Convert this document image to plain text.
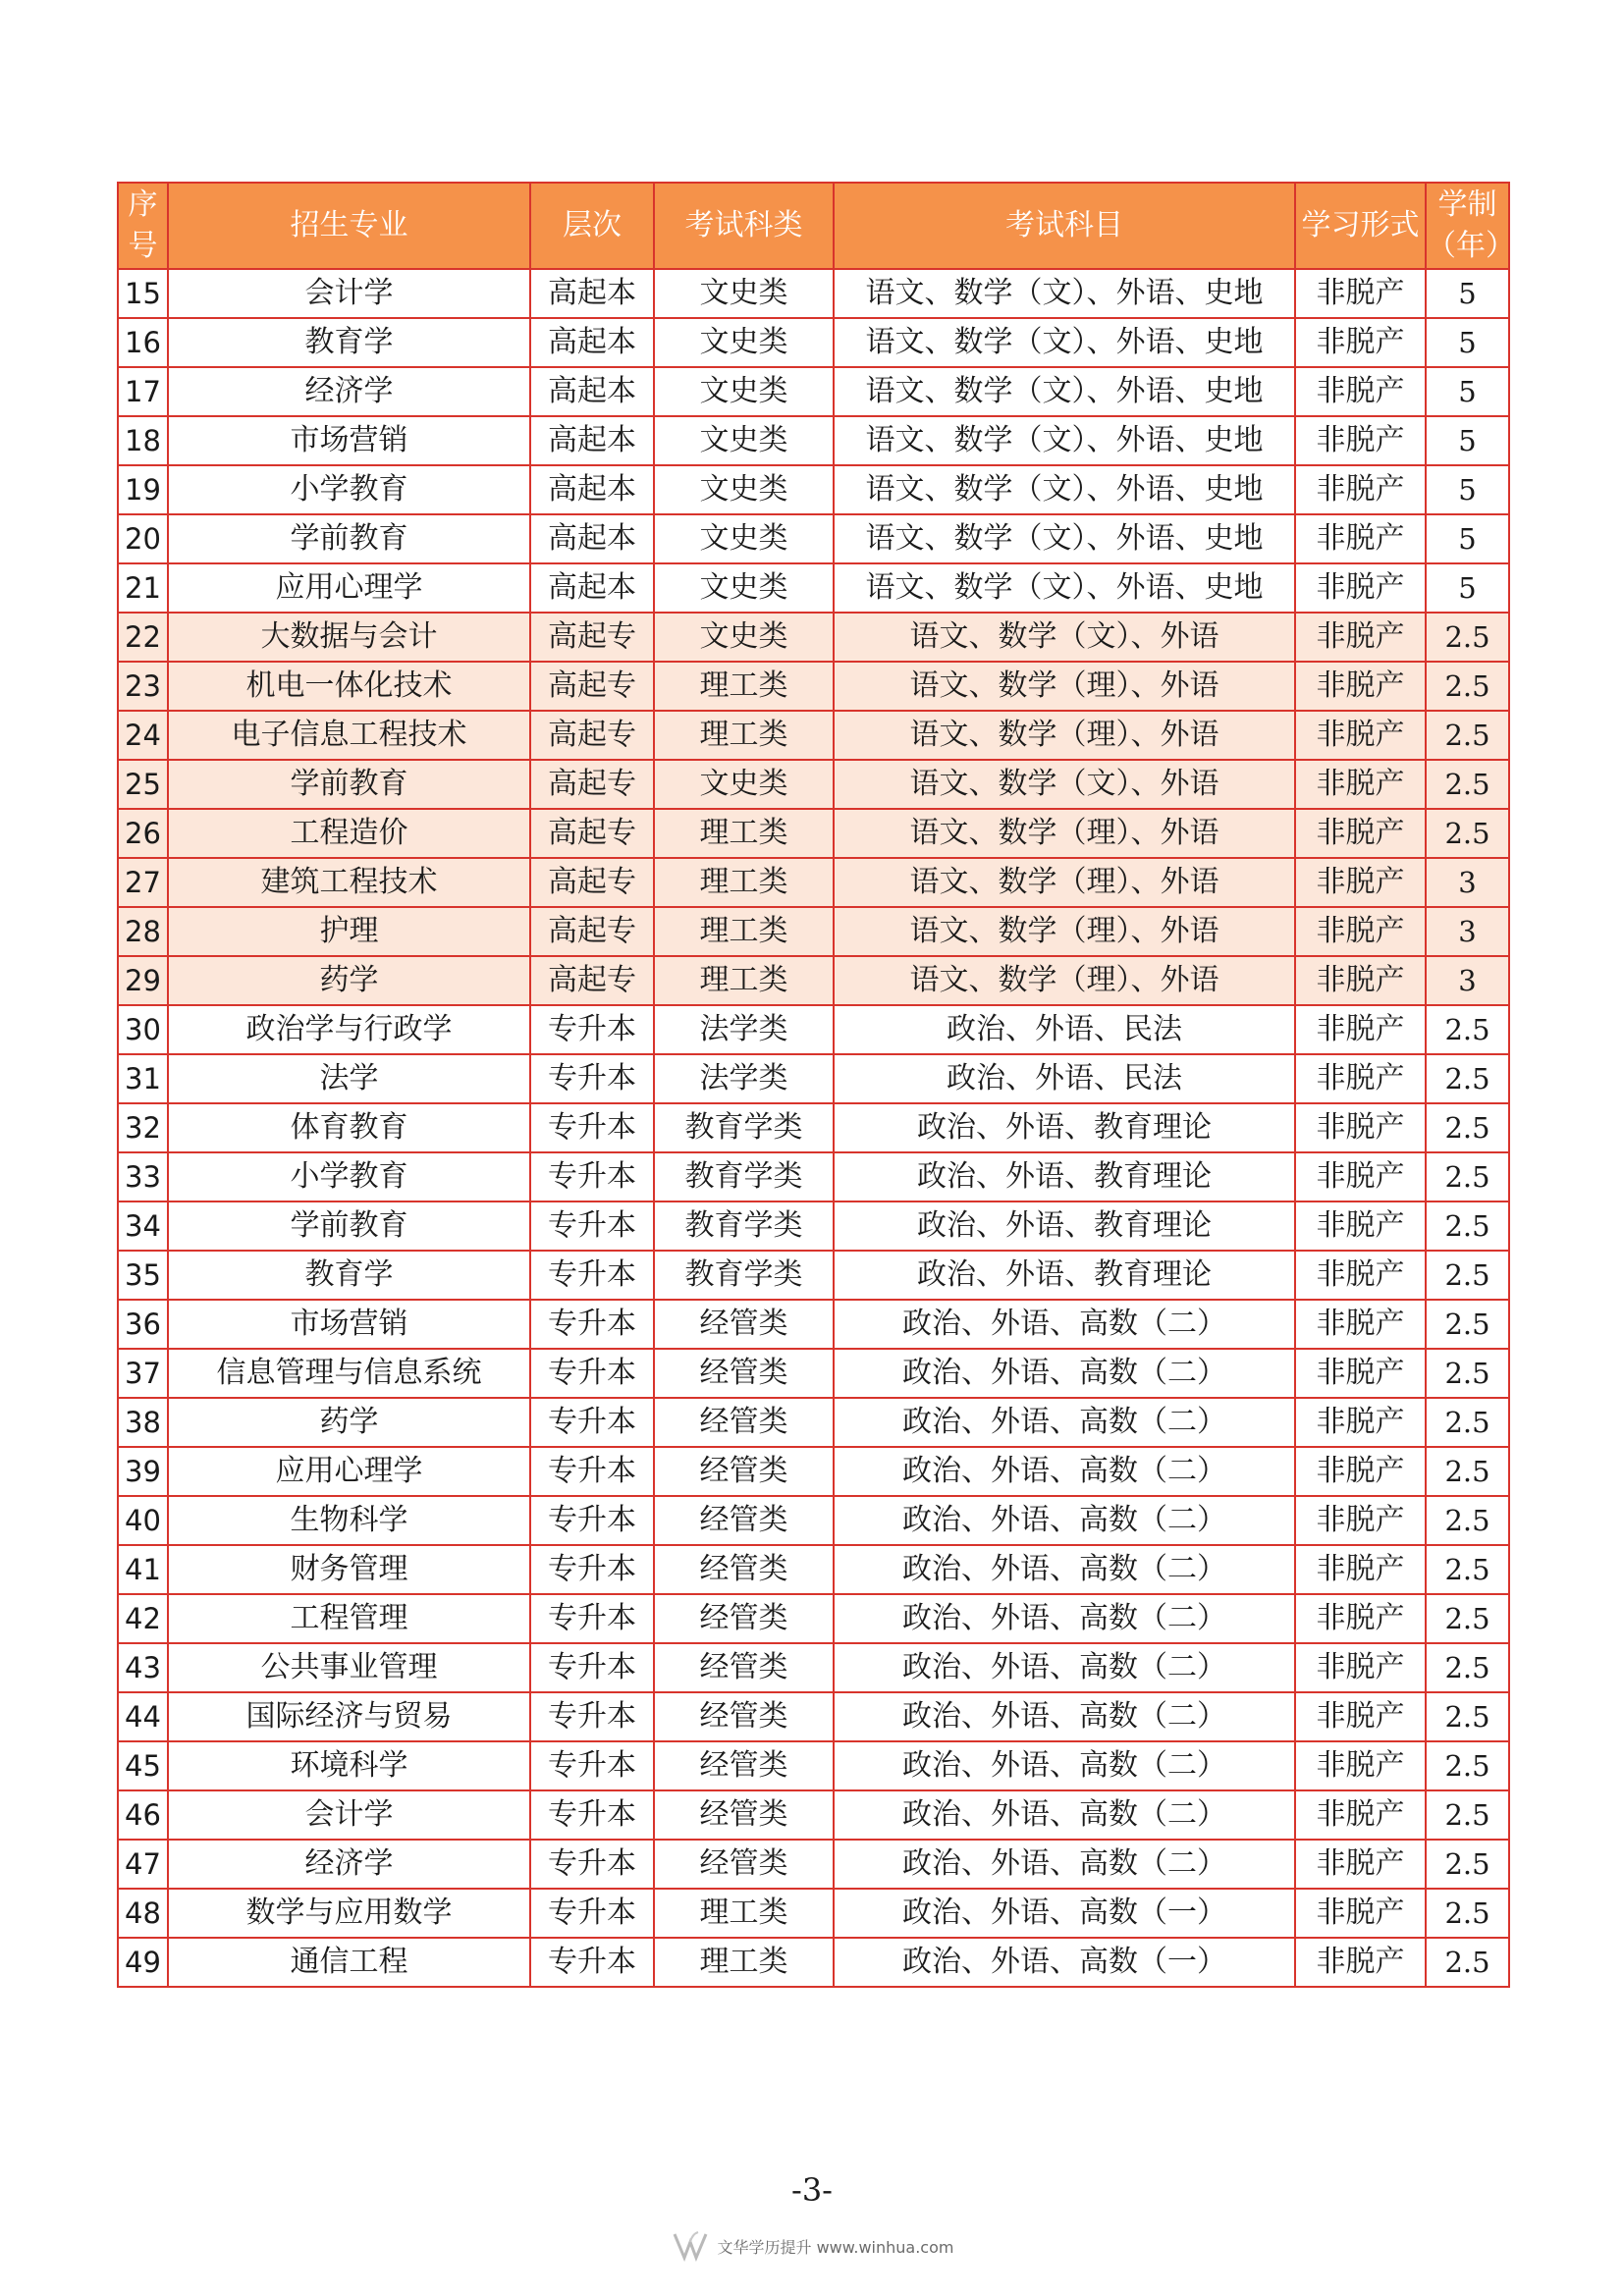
序号	招生专业	层次	考试科类	考试科目	学习形式	学制（年）
15	会计学	高起本	文史类	语文、数学（文）、外语、史地	非脱产	5
16	教育学	高起本	文史类	语文、数学（文）、外语、史地	非脱产	5
17	经济学	高起本	文史类	语文、数学（文）、外语、史地	非脱产	5
18	市场营销	高起本	文史类	语文、数学（文）、外语、史地	非脱产	5
19	小学教育	高起本	文史类	语文、数学（文）、外语、史地	非脱产	5
20	学前教育	高起本	文史类	语文、数学（文）、外语、史地	非脱产	5
21	应用心理学	高起本	文史类	语文、数学（文）、外语、史地	非脱产	5
22	大数据与会计	高起专	文史类	语文、数学（文）、外语	非脱产	2.5
23	机电一体化技术	高起专	理工类	语文、数学（理）、外语	非脱产	2.5
24	电子信息工程技术	高起专	理工类	语文、数学（理）、外语	非脱产	2.5
25	学前教育	高起专	文史类	语文、数学（文）、外语	非脱产	2.5
26	工程造价	高起专	理工类	语文、数学（理）、外语	非脱产	2.5
27	建筑工程技术	高起专	理工类	语文、数学（理）、外语	非脱产	3
28	护理	高起专	理工类	语文、数学（理）、外语	非脱产	3
29	药学	高起专	理工类	语文、数学（理）、外语	非脱产	3
30	政治学与行政学	专升本	法学类	政治、外语、民法	非脱产	2.5
31	法学	专升本	法学类	政治、外语、民法	非脱产	2.5
32	体育教育	专升本	教育学类	政治、外语、教育理论	非脱产	2.5
33	小学教育	专升本	教育学类	政治、外语、教育理论	非脱产	2.5
34	学前教育	专升本	教育学类	政治、外语、教育理论	非脱产	2.5
35	教育学	专升本	教育学类	政治、外语、教育理论	非脱产	2.5
36	市场营销	专升本	经管类	政治、外语、高数（二）	非脱产	2.5
37	信息管理与信息系统	专升本	经管类	政治、外语、高数（二）	非脱产	2.5
38	药学	专升本	经管类	政治、外语、高数（二）	非脱产	2.5
39	应用心理学	专升本	经管类	政治、外语、高数（二）	非脱产	2.5
40	生物科学	专升本	经管类	政治、外语、高数（二）	非脱产	2.5
41	财务管理	专升本	经管类	政治、外语、高数（二）	非脱产	2.5
42	工程管理	专升本	经管类	政治、外语、高数（二）	非脱产	2.5
43	公共事业管理	专升本	经管类	政治、外语、高数（二）	非脱产	2.5
44	国际经济与贸易	专升本	经管类	政治、外语、高数（二）	非脱产	2.5
45	环境科学	专升本	经管类	政治、外语、高数（二）	非脱产	2.5
46	会计学	专升本	经管类	政治、外语、高数（二）	非脱产	2.5
47	经济学	专升本	经管类	政治、外语、高数（二）	非脱产	2.5
48	数学与应用数学	专升本	理工类	政治、外语、高数（一）	非脱产	2.5
49	通信工程	专升本	理工类	政治、外语、高数（一）	非脱产	2.5
-3-
文华学历提升 www.winhua.com
